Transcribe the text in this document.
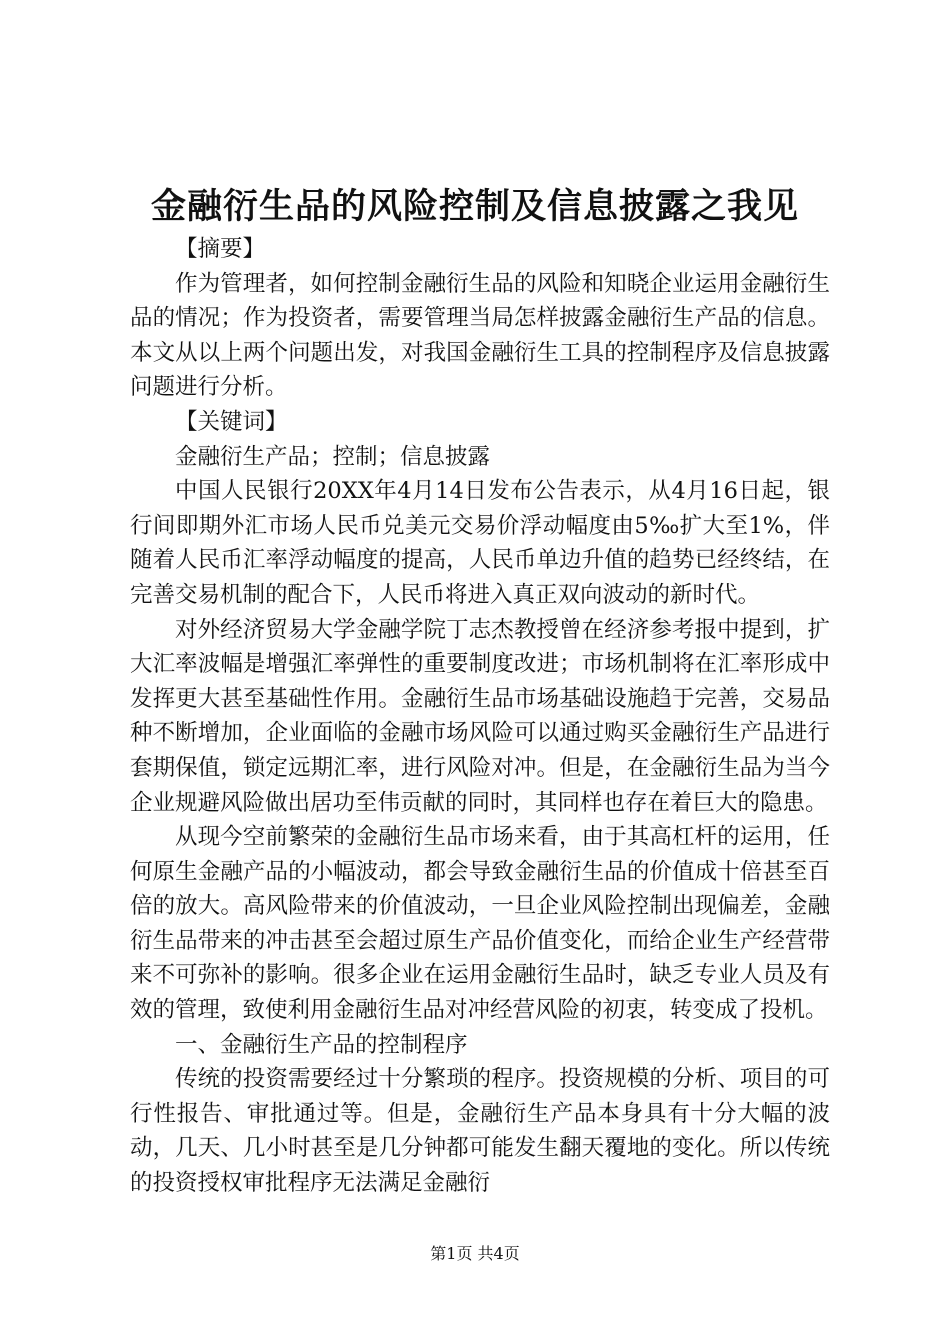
金融衍生品的风险控制及信息披露之我见

【摘要】

作为管理者，如何控制金融衍生品的风险和知晓企业运用金融衍生品的情况；作为投资者，需要管理当局怎样披露金融衍生产品的信息。本文从以上两个问题出发，对我国金融衍生工具的控制程序及信息披露问题进行分析。

【关键词】

金融衍生产品；控制；信息披露

中国人民银行20XX年4月14日发布公告表示，从4月16日起，银行间即期外汇市场人民币兑美元交易价浮动幅度由5‰扩大至1%，伴随着人民币汇率浮动幅度的提高，人民币单边升值的趋势已经终结，在完善交易机制的配合下，人民币将进入真正双向波动的新时代。

对外经济贸易大学金融学院丁志杰教授曾在经济参考报中提到，扩大汇率波幅是增强汇率弹性的重要制度改进；市场机制将在汇率形成中发挥更大甚至基础性作用。金融衍生品市场基础设施趋于完善，交易品种不断增加，企业面临的金融市场风险可以通过购买金融衍生产品进行套期保值，锁定远期汇率，进行风险对冲。但是，在金融衍生品为当今企业规避风险做出居功至伟贡献的同时，其同样也存在着巨大的隐患。

从现今空前繁荣的金融衍生品市场来看，由于其高杠杆的运用，任何原生金融产品的小幅波动，都会导致金融衍生品的价值成十倍甚至百倍的放大。高风险带来的价值波动，一旦企业风险控制出现偏差，金融衍生品带来的冲击甚至会超过原生产品价值变化，而给企业生产经营带来不可弥补的影响。很多企业在运用金融衍生品时，缺乏专业人员及有效的管理，致使利用金融衍生品对冲经营风险的初衷，转变成了投机。

一、金融衍生产品的控制程序

传统的投资需要经过十分繁琐的程序。投资规模的分析、项目的可行性报告、审批通过等。但是，金融衍生产品本身具有十分大幅的波动，几天、几小时甚至是几分钟都可能发生翻天覆地的变化。所以传统的投资授权审批程序无法满足金融衍

第1页 共4页
